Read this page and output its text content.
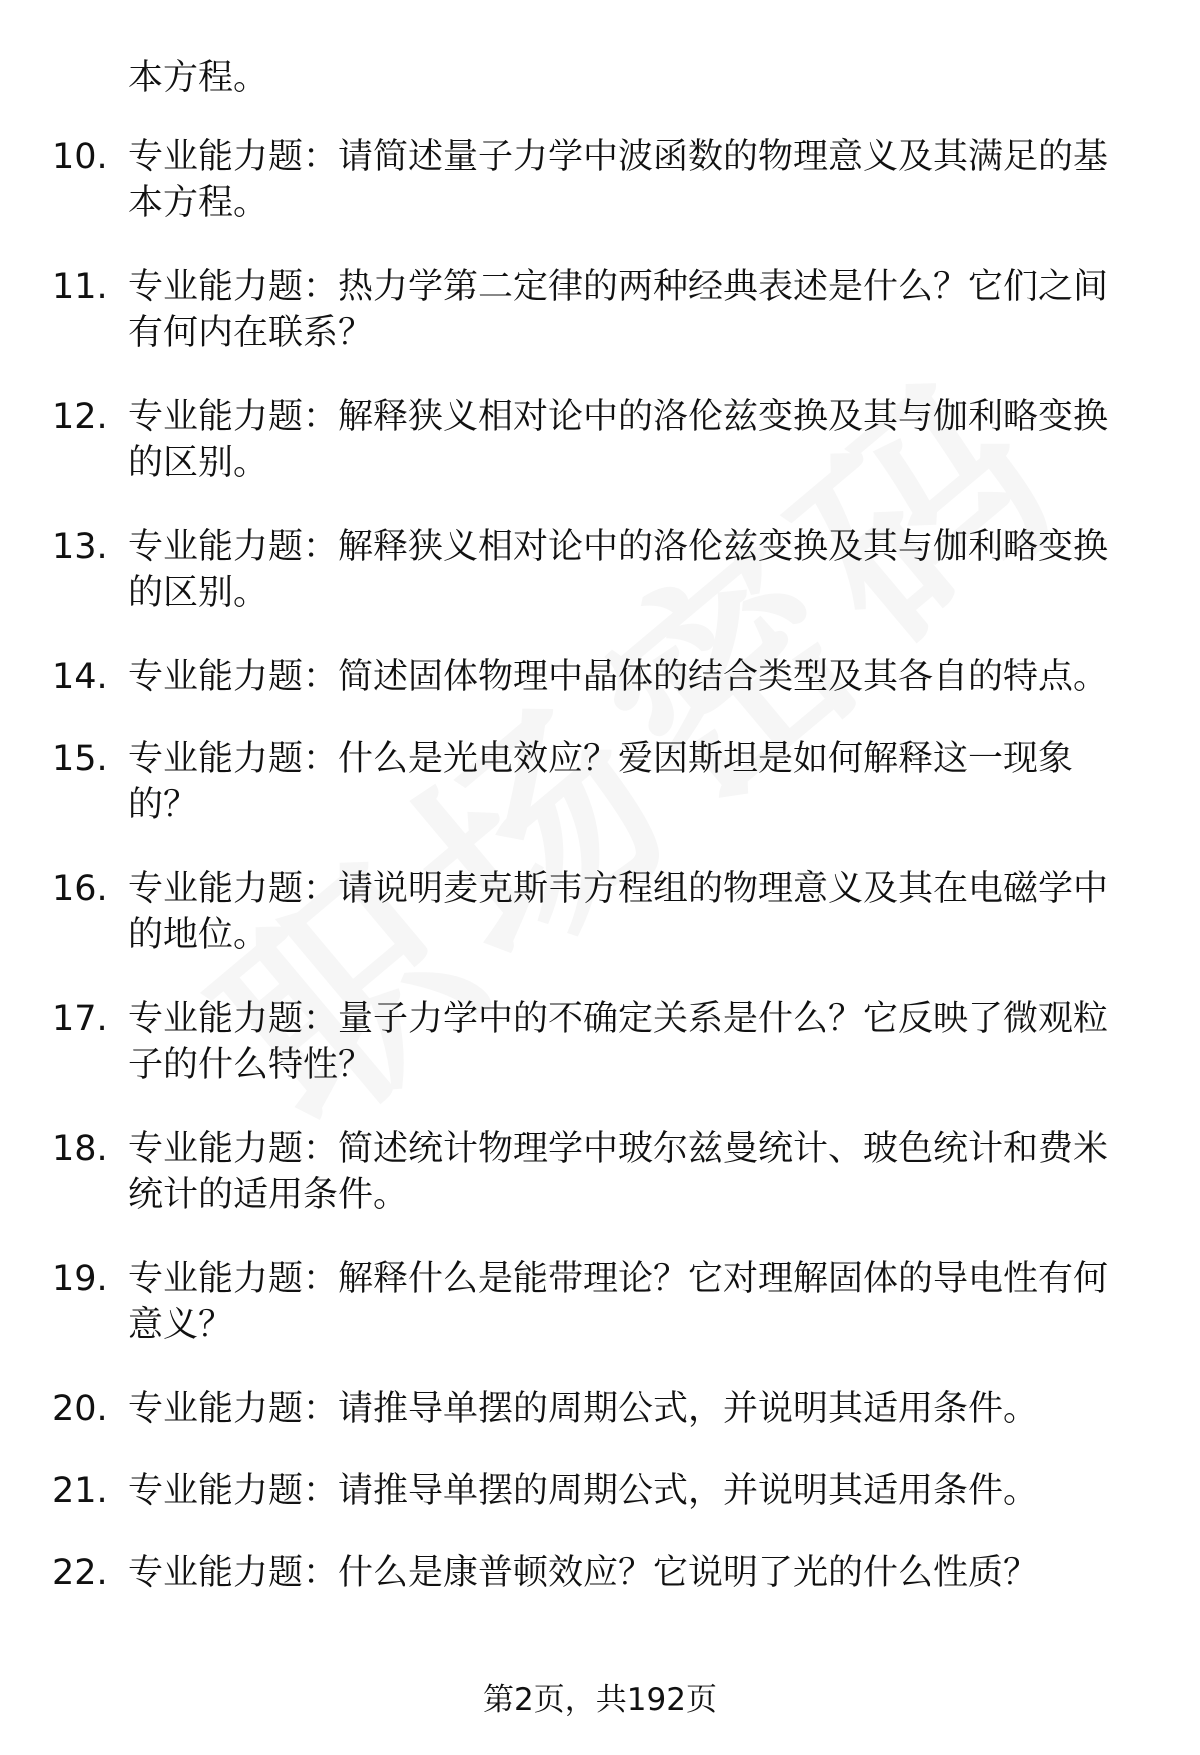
本方程。
10. 专业能力题：请简述量子力学中波函数的物理意义及其满足的基本方程。
11. 专业能力题：热力学第二定律的两种经典表述是什么？它们之间有何内在联系？
12. 专业能力题：解释狭义相对论中的洛伦兹变换及其与伽利略变换的区别。
13. 专业能力题：解释狭义相对论中的洛伦兹变换及其与伽利略变换的区别。
14. 专业能力题：简述固体物理中晶体的结合类型及其各自的特点。
15. 专业能力题：什么是光电效应？爱因斯坦是如何解释这一现象的？
16. 专业能力题：请说明麦克斯韦方程组的物理意义及其在电磁学中的地位。
17. 专业能力题：量子力学中的不确定关系是什么？它反映了微观粒子的什么特性？
18. 专业能力题：简述统计物理学中玻尔兹曼统计、玻色统计和费米统计的适用条件。
19. 专业能力题：解释什么是能带理论？它对理解固体的导电性有何意义？
20. 专业能力题：请推导单摆的周期公式，并说明其适用条件。
21. 专业能力题：请推导单摆的周期公式，并说明其适用条件。
22. 专业能力题：什么是康普顿效应？它说明了光的什么性质？
第2页，共192页
